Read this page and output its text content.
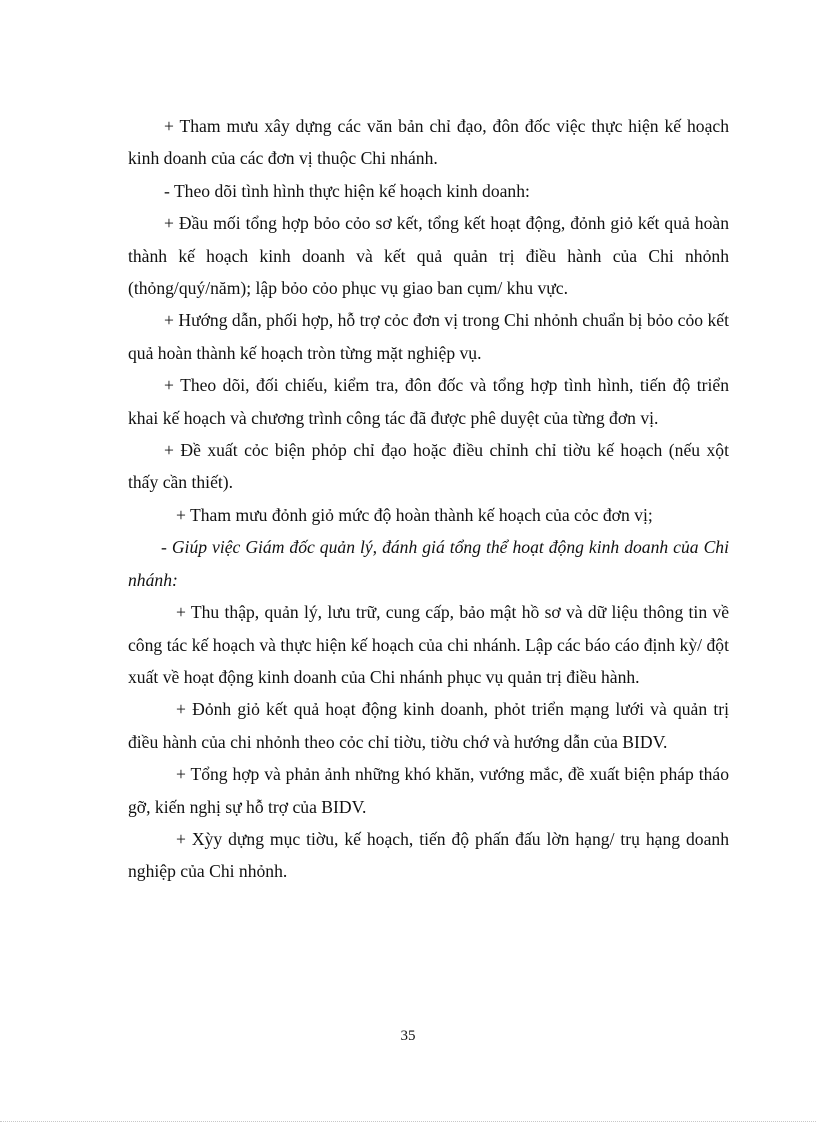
+ Tham mưu xây dựng các văn bản chỉ đạo, đôn đốc việc thực hiện kế hoạch kinh doanh của các đơn vị thuộc Chi nhánh.

- Theo dõi tình hình thực hiện kế hoạch kinh doanh:

+ Đầu mối tổng hợp bỏo cỏo sơ kết, tổng kết hoạt động, đỏnh giỏ kết quả hoàn thành kế hoạch kinh doanh và kết quả quản trị điều hành của Chi nhỏnh (thỏng/quý/năm); lập bỏo cỏo phục vụ giao ban cụm/ khu vực.

+ Hướng dẫn, phối hợp, hỗ trợ cỏc đơn vị trong Chi nhỏnh chuẩn bị bỏo cỏo kết quả hoàn thành kế hoạch tròn từng mặt nghiệp vụ.

+ Theo dõi, đối chiếu, kiểm tra, đôn đốc và tổng hợp tình hình, tiến độ triển khai kế hoạch và chương trình công tác đã được phê duyệt của từng đơn vị.

+ Đề xuất cỏc biện phỏp chỉ đạo hoặc điều chỉnh chỉ tiờu kế hoạch (nếu xột thấy cần thiết).

+ Tham mưu đỏnh giỏ mức độ hoàn thành kế hoạch của cỏc đơn vị;

- Giúp việc Giám đốc quản lý, đánh giá tổng thể hoạt động kinh doanh của Chi nhánh:

+ Thu thập, quản lý, lưu trữ, cung cấp, bảo mật hồ sơ và dữ liệu thông tin về công tác kế hoạch và thực hiện kế hoạch của chi nhánh. Lập các báo cáo định kỳ/ đột xuất về hoạt động kinh doanh của Chi nhánh phục vụ quản trị điều hành.

+ Đỏnh giỏ kết quả hoạt động kinh doanh, phỏt triển mạng lưới và quản trị điều hành của chi nhỏnh theo cỏc chỉ tiờu, tiờu chớ và hướng dẫn của BIDV.

+ Tổng hợp và phản ảnh những khó khăn, vướng mắc, đề xuất biện pháp tháo gỡ, kiến nghị sự hỗ trợ của BIDV.

+ Xỳy dựng mục tiờu, kế hoạch, tiến độ phấn đấu lờn hạng/ trụ hạng doanh nghiệp của Chi nhỏnh.

35
